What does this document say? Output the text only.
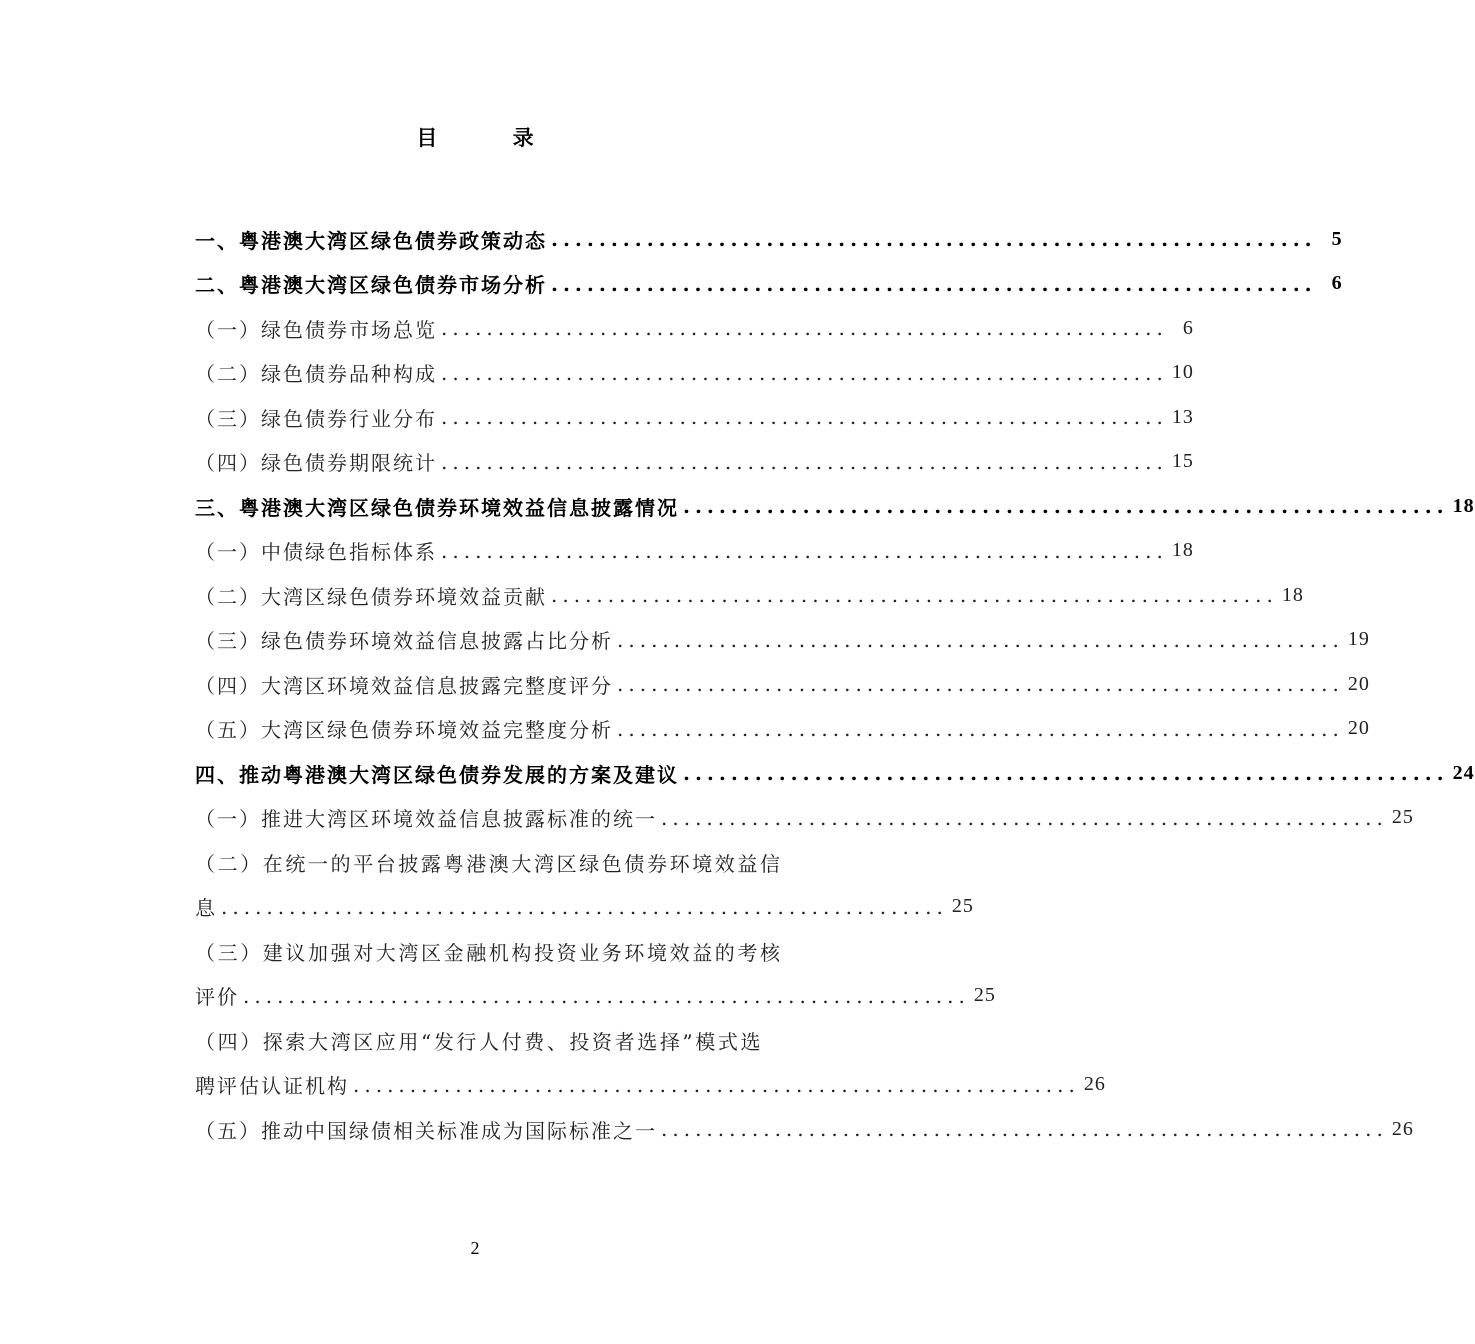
目 录
一、粤港澳大湾区绿色债券政策动态 ................................................................ 5
二、粤港澳大湾区绿色债券市场分析 ................................................................ 6
（一）绿色债券市场总览 ................................................................ 6
（二）绿色债券品种构成 ................................................................ 10
（三）绿色债券行业分布 ................................................................ 13
（四）绿色债券期限统计 ................................................................ 15
三、粤港澳大湾区绿色债券环境效益信息披露情况 ................................................................ 18
（一）中债绿色指标体系 ................................................................ 18
（二）大湾区绿色债券环境效益贡献 ................................................................ 18
（三）绿色债券环境效益信息披露占比分析 ................................................................ 19
（四）大湾区环境效益信息披露完整度评分 ................................................................ 20
（五）大湾区绿色债券环境效益完整度分析 ................................................................ 20
四、推动粤港澳大湾区绿色债券发展的方案及建议 ................................................................ 24
（一）推进大湾区环境效益信息披露标准的统一 ................................................................ 25
（二）在统一的平台披露粤港澳大湾区绿色债券环境效益信
息 ................................................................ 25
（三）建议加强对大湾区金融机构投资业务环境效益的考核
评价 ................................................................ 25
（四）探索大湾区应用“发行人付费、投资者选择”模式选
聘评估认证机构 ................................................................ 26
（五）推动中国绿债相关标准成为国际标准之一 ................................................................ 26
2
